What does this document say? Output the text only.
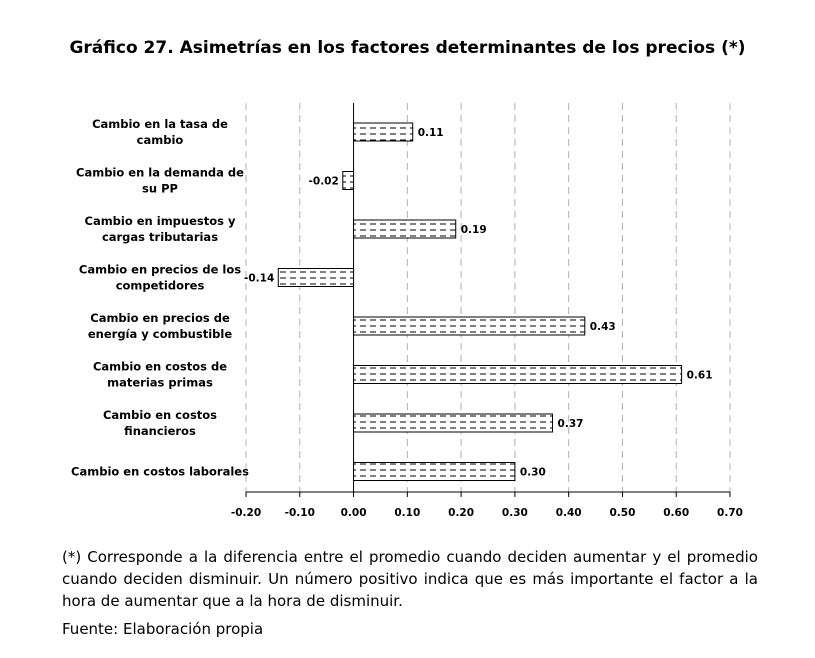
Gráfico 27. Asimetrías en los factores determinantes de los precios (*)
Cambio en la tasa de
cambio
Cambio en la demanda de
su PP
Cambio en impuestos y
cargas tributarias
Cambio en precios de los
competidores
Cambio en precios de
energía y combustible
Cambio en costos de
materias primas
Cambio en costos
financieros
Cambio en costos laborales
0.11
-0.02
0.19
-0.14
0.43
0.61
0.37
0.30
-0.20 -0.10 0.00	0.10	0.20	0.30	0.40	0.50	0.60	0.70
(*) Corresponde a la diferencia entre el promedio cuando deciden aumentar y el promedio cuando deciden disminuir. Un número positivo indica que es más importante el factor a la hora de aumentar que a la hora de disminuir.
Fuente: Elaboración propia
